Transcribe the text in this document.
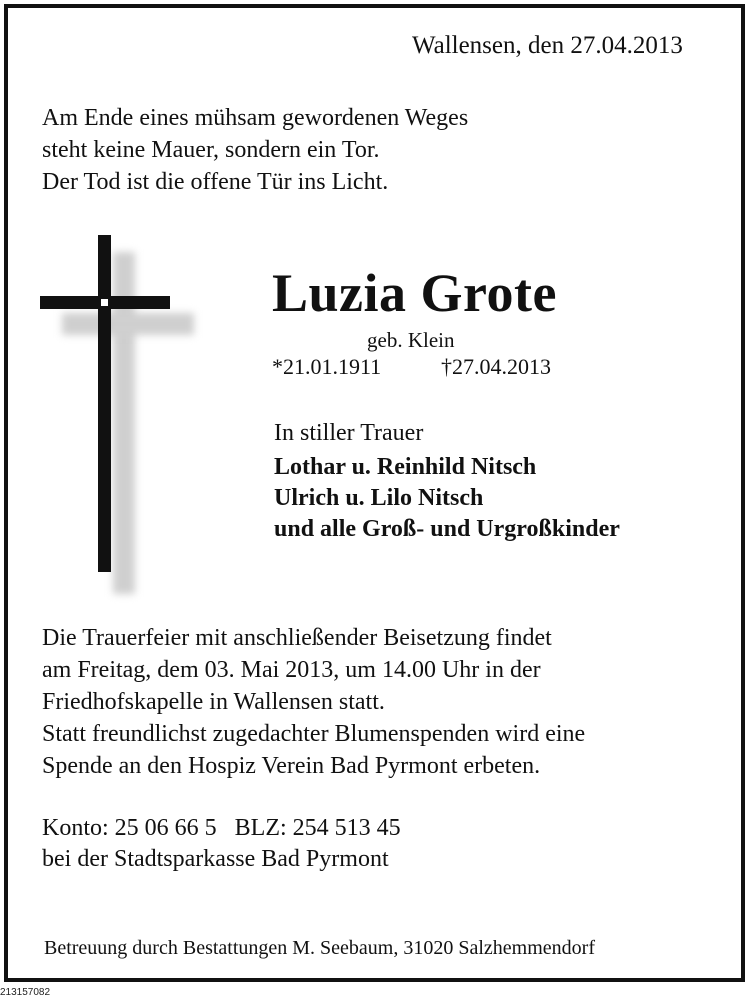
Wallensen, den 27.04.2013
Am Ende eines mühsam gewordenen Weges
steht keine Mauer, sondern ein Tor.
Der Tod ist die offene Tür ins Licht.
Luzia Grote
geb. Klein
*21.01.1911	†27.04.2013
In stiller Trauer
Lothar u. Reinhild Nitsch
Ulrich u. Lilo Nitsch
und alle Groß- und Urgroßkinder
Die Trauerfeier mit anschließender Beisetzung findet
am Freitag, dem 03. Mai 2013, um 14.00 Uhr in der
Friedhofskapelle in Wallensen statt.
Statt freundlichst zugedachter Blumenspenden wird eine
Spende an den Hospiz Verein Bad Pyrmont erbeten.
Konto: 25 06 66 5 BLZ: 254 513 45
bei der Stadtsparkasse Bad Pyrmont
Betreuung durch Bestattungen M. Seebaum, 31020 Salzhemmendorf
213157082
